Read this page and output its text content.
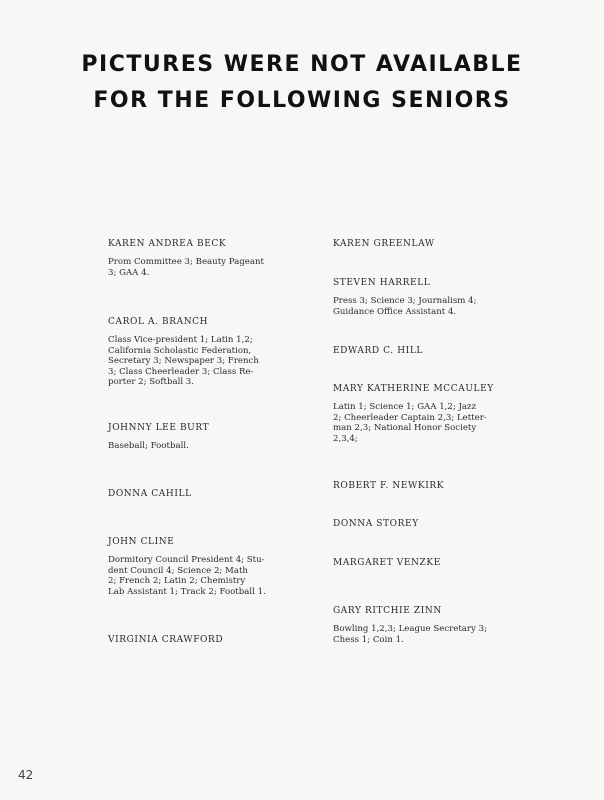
PICTURES WERE NOT AVAILABLE
FOR THE FOLLOWING SENIORS

KAREN ANDREA BECK

Prom Committee 3; Beauty Pageant
3; GAA 4.

CAROL A. BRANCH

Class Vice-president 1; Latin 1,2;
California Scholastic Federation,
Secretary 3; Newspaper 3; French
3; Class Cheerleader 3; Class Re-
porter 2; Softball 3.

JOHNNY LEE BURT

Baseball; Football.

DONNA CAHILL

JOHN CLINE

Dormitory Council President 4; Stu-
dent Council 4; Science 2; Math
2; French 2; Latin 2; Chemistry
Lab Assistant 1; Track 2; Football 1.

VIRGINIA CRAWFORD

KAREN GREENLAW

STEVEN HARRELL

Press 3; Science 3; Journalism 4;
Guidance Office Assistant 4.

EDWARD C. HILL

MARY KATHERINE MCCAULEY

Latin 1; Science 1; GAA 1,2; Jazz
2; Cheerleader Captain 2,3; Letter-
man 2,3; National Honor Society
2,3,4;

ROBERT F. NEWKIRK

DONNA STOREY

MARGARET VENZKE

GARY RITCHIE ZINN

Bowling 1,2,3; League Secretary 3;
Chess 1; Coin 1.

42
